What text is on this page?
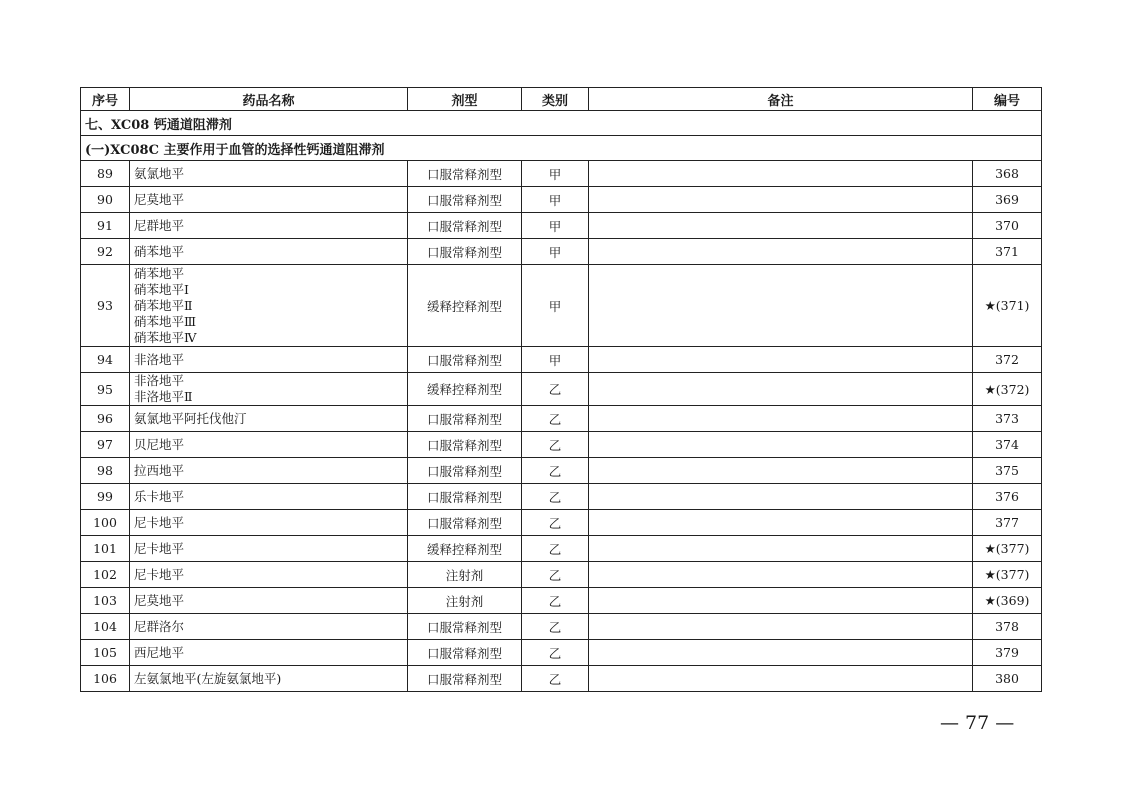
序号	药品名称	剂型	类别	备注	编号
七、XC08 钙通道阻滞剂					
(一)XC08C 主要作用于血管的选择性钙通道阻滞剂					
89	氨氯地平	口服常释剂型	甲		368
90	尼莫地平	口服常释剂型	甲		369
91	尼群地平	口服常释剂型	甲		370
92	硝苯地平	口服常释剂型	甲		371
93	硝苯地平
硝苯地平Ⅰ
硝苯地平Ⅱ
硝苯地平Ⅲ
硝苯地平Ⅳ	缓释控释剂型	甲		★(371)
94	非洛地平	口服常释剂型	甲		372
95	非洛地平
非洛地平Ⅱ	缓释控释剂型	乙		★(372)
96	氨氯地平阿托伐他汀	口服常释剂型	乙		373
97	贝尼地平	口服常释剂型	乙		374
98	拉西地平	口服常释剂型	乙		375
99	乐卡地平	口服常释剂型	乙		376
100	尼卡地平	口服常释剂型	乙		377
101	尼卡地平	缓释控释剂型	乙		★(377)
102	尼卡地平	注射剂	乙		★(377)
103	尼莫地平	注射剂	乙		★(369)
104	尼群洛尔	口服常释剂型	乙		378
105	西尼地平	口服常释剂型	乙		379
106	左氨氯地平(左旋氨氯地平)	口服常释剂型	乙		380
— 77 —
